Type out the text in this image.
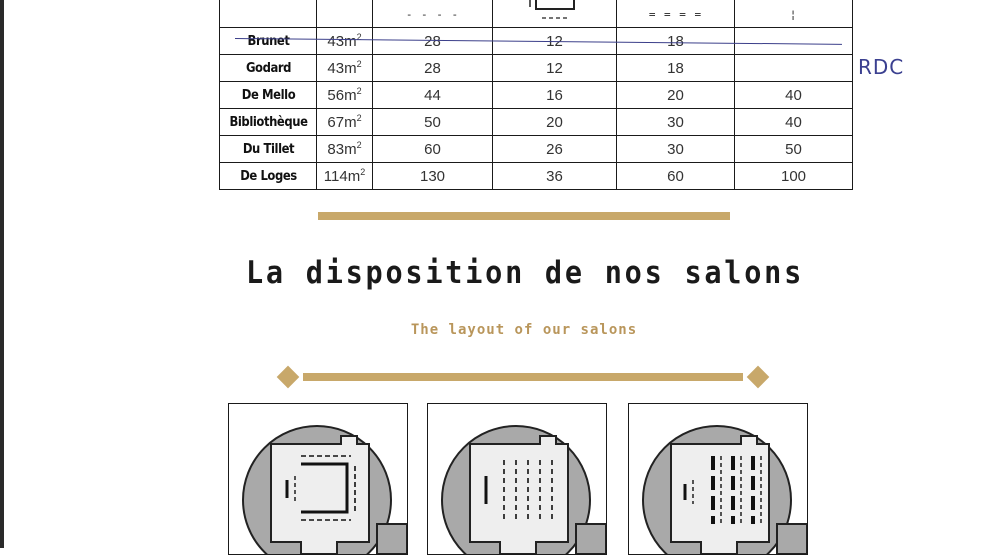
		- - - -		= = = =	¦
Brunet	$43m^2$	28	12	18	
Godard	$43m^2$	28	12	18	
De Mello	$56m^2$	44	16	20	40
Bibliothèque	$67m^2$	50	20	30	40
Du Tillet	$83m^2$	60	26	30	50
De Loges	$114m^2$	130	36	60	100
RDC
La disposition de nos salons
The layout of our salons
